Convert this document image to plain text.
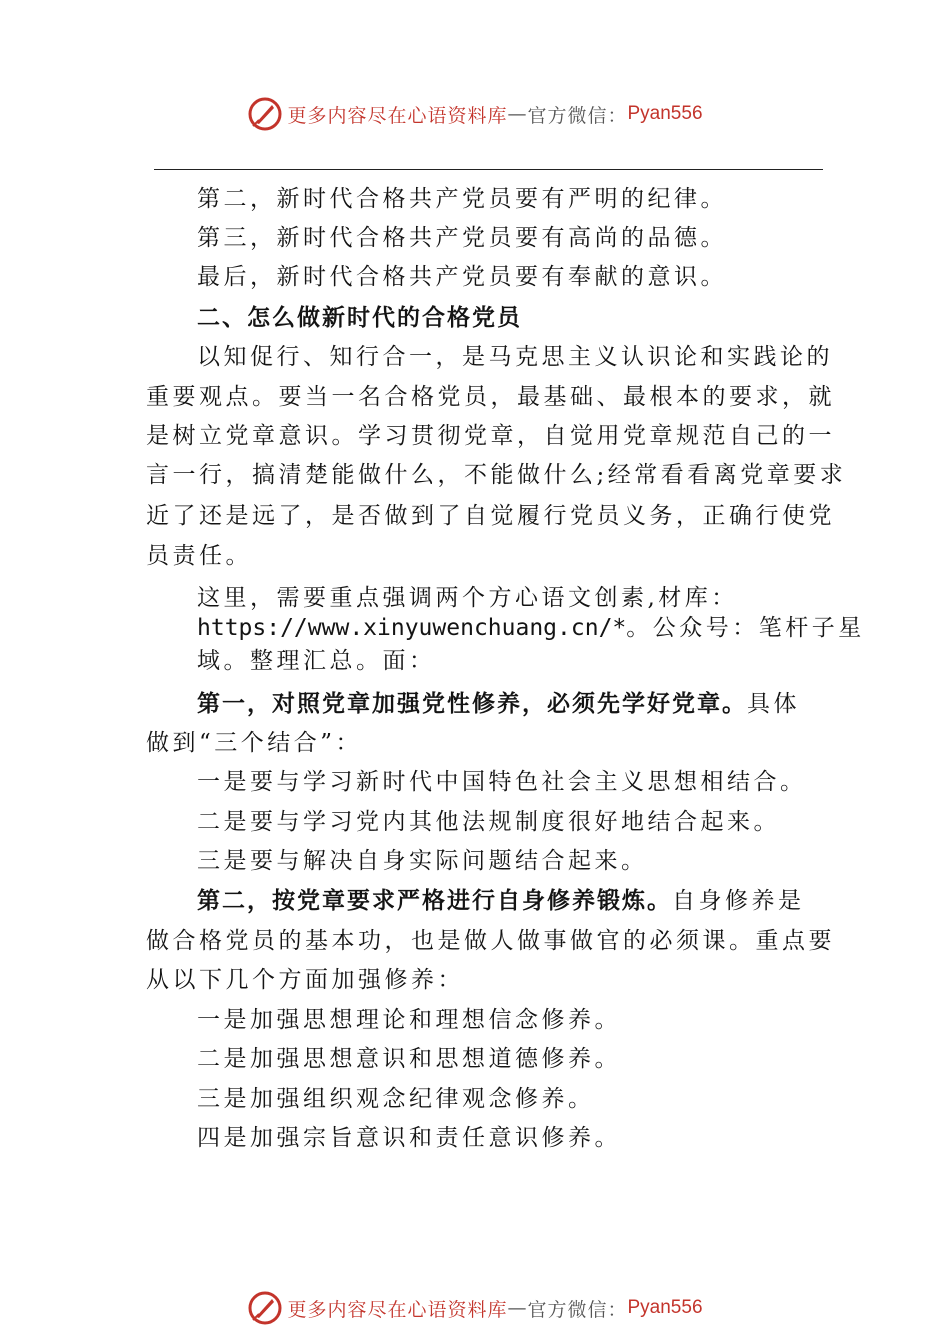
更多内容尽在心语资料库 — 官方微信： Pyan556
第二，新时代合格共产党员要有严明的纪律。
第三，新时代合格共产党员要有高尚的品德。
最后，新时代合格共产党员要有奉献的意识。
二、怎么做新时代的合格党员
以知促行、知行合一，是马克思主义认识论和实践论的
重要观点。要当一名合格党员，最基础、最根本的要求，就
是树立党章意识。学习贯彻党章，自觉用党章规范自己的一
言一行，搞清楚能做什么，不能做什么;经常看看离党章要求
近了还是远了，是否做到了自觉履行党员义务，正确行使党
员责任。
这里，需要重点强调两个方心语文创素,材库：
https://www.xinyuwenchuang.cn/*。公众号：笔杆子星
域。整理汇总。面：
第一，对照党章加强党性修养，必须先学好党章。具体
做到“三个结合”：
一是要与学习新时代中国特色社会主义思想相结合。
二是要与学习党内其他法规制度很好地结合起来。
三是要与解决自身实际问题结合起来。
第二，按党章要求严格进行自身修养锻炼。自身修养是
做合格党员的基本功，也是做人做事做官的必须课。重点要
从以下几个方面加强修养：
一是加强思想理论和理想信念修养。
二是加强思想意识和思想道德修养。
三是加强组织观念纪律观念修养。
四是加强宗旨意识和责任意识修养。
更多内容尽在心语资料库 — 官方微信： Pyan556
